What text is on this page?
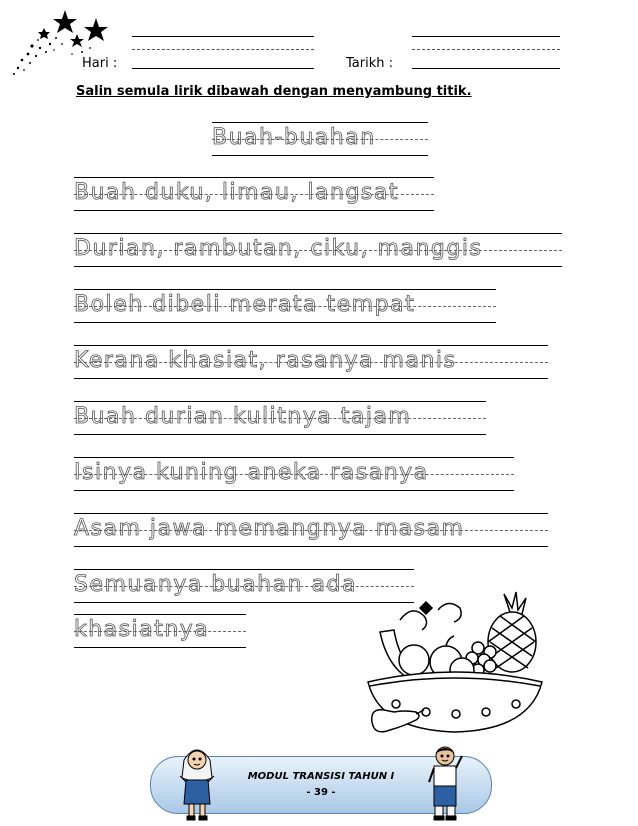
Hari :	Tarikh :
Salin semula lirik dibawah dengan menyambung titik.
Buah-buahan
Buah duku, limau, langsat
Durian, rambutan, ciku, manggis
Boleh dibeli merata tempat
Kerana khasiat, rasanya manis
Buah durian kulitnya tajam
Isinya kuning aneka rasanya
Asam jawa memangnya masam
Semuanya buahan ada
khasiatnya
MODUL TRANSISI TAHUN I
- 39 -
